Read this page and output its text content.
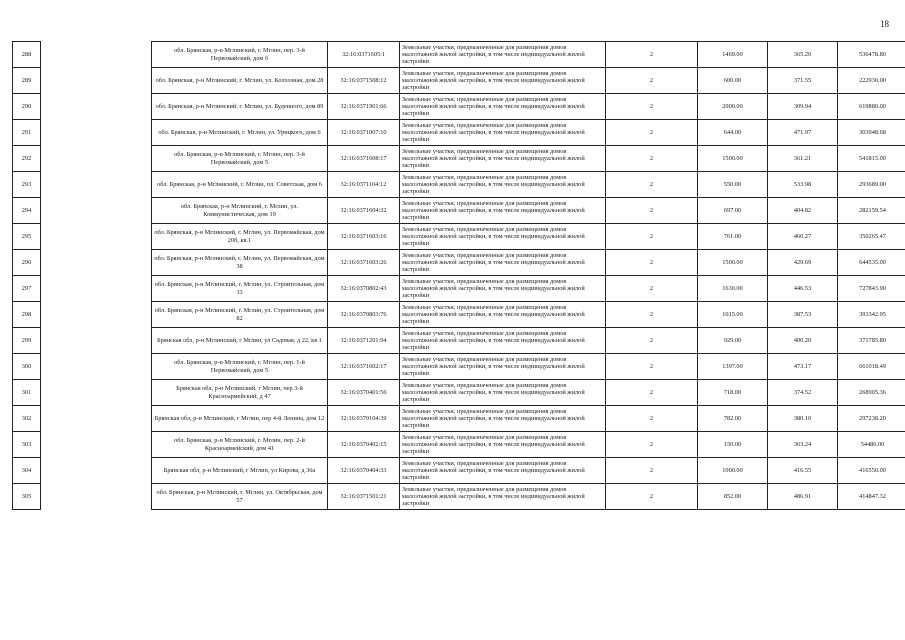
18
288		обл. Брянская, р-н Мглинский, г. Мглин, пер. 3-й Первомайский, дом 6	32:16:0371605:1	Земельные участки, предназначенные для размещения домов малоэтажной жилой застройки, в том числе индивидуальной жилой застройки	2	1469.00	365.20	536478.80
289		обл. Брянская, р-н Мглинский, г. Мглин, ул. Колхозная, дом 28	32:16:0371508:12	Земельные участки, предназначенные для размещения домов малоэтажной жилой застройки, в том числе индивидуальной жилой застройки	2	600.00	371.55	222930.00
290		обл. Брянская, р-н Мглинский, г. Мглин, ул. Буденного, дом 89	32:16:0371901:66	Земельные участки, предназначенные для размещения домов малоэтажной жилой застройки, в том числе индивидуальной жилой застройки	2	2000.00	309.94	619880.00
291		обл. Брянская, р-н Мглинский, г. Мглин, ул. Урицкого, дом 6	32:16:0371007:10	Земельные участки, предназначенные для размещения домов малоэтажной жилой застройки, в том числе индивидуальной жилой застройки	2	644.00	471.97	303948.68
292		обл. Брянская, р-н Мглинский, г. Мглин, пер. 3-й Первомайский, дом 5	32:16:0371608:17	Земельные участки, предназначенные для размещения домов малоэтажной жилой застройки, в том числе индивидуальной жилой застройки	2	1500.00	361.21	541815.00
293		обл. Брянская, р-н Мглинский, г. Мглин, пл. Советская, дом 6	32:16:0371104:12	Земельные участки, предназначенные для размещения домов малоэтажной жилой застройки, в том числе индивидуальной жилой застройки	2	550.00	533.98	293689.00
294		обл. Брянская, р-н Мглинский, г. Мглин, ул. Коммунистическая, дом 19	32:16:0371604:32	Земельные участки, предназначенные для размещения домов малоэтажной жилой застройки, в том числе индивидуальной жилой застройки	2	697.00	404.82	282159.54
295		обл. Брянская, р-н Мглинский, г. Мглин, ул. Первомайская, дом 20б, кв.1	32:16:0371603:16	Земельные участки, предназначенные для размещения домов малоэтажной жилой застройки, в том числе индивидуальной жилой застройки	2	761.00	460.27	350265.47
296		обл. Брянская, р-н Мглинский, г. Мглин, ул. Первомайская, дом 38	32:16:0371603:26	Земельные участки, предназначенные для размещения домов малоэтажной жилой застройки, в том числе индивидуальной жилой застройки	2	1500.00	429.69	644535.00
297		обл. Брянская, р-н Мглинский, г. Мглин, ул. Строительная, дом 33	32:16:0370802:43	Земельные участки, предназначенные для размещения домов малоэтажной жилой застройки, в том числе индивидуальной жилой застройки	2	1630.00	446.53	727843.90
298		обл. Брянская, р-н Мглинский, г. Мглин, ул. Строительная, дом 82	32:16:0370803:76	Земельные участки, предназначенные для размещения домов малоэтажной жилой застройки, в том числе индивидуальной жилой застройки	2	1015.00	387.53	393342.95
299		Брянская обл, р-н Мглинский, г Мглин, ул Садовая, д 22, кв 1	32:16:0371201:94	Земельные участки, предназначенные для размещения домов малоэтажной жилой застройки, в том числе индивидуальной жилой застройки	2	929.00	400.20	371785.80
300		обл. Брянская, р-н Мглинский, г. Мглин, пер. 1-й Первомайский, дом 5	32:16:0371602:17	Земельные участки, предназначенные для размещения домов малоэтажной жилой застройки, в том числе индивидуальной жилой застройки	2	1397.00	473.17	661018.49
301		Брянская обл, р-н Мглинский, г Мглин, пер 3-й Красноармейский, д 47	32:16:0370401:56	Земельные участки, предназначенные для размещения домов малоэтажной жилой застройки, в том числе индивидуальной жилой застройки	2	718.00	374.52	268905.36
302		Брянская обл, р-н Мглинский, г Мглин, пер 4-й Ленина, дом 12	32:16:0370104:39	Земельные участки, предназначенные для размещения домов малоэтажной жилой застройки, в том числе индивидуальной жилой застройки	2	782.00	380.10	297238.20
303		обл. Брянская, р-н Мглинский, г. Мглин, пер. 2-й Красноармейский, дом 41	32:16:0370402:15	Земельные участки, предназначенные для размещения домов малоэтажной жилой застройки, в том числе индивидуальной жилой застройки	2	150.00	363.24	54486.00
304		Брянская обл, р-н Мглинский, г Мглин, ул Кирова, д 36а	32:16:0370404:33	Земельные участки, предназначенные для размещения домов малоэтажной жилой застройки, в том числе индивидуальной жилой застройки	2	1000.00	416.55	416550.00
305		обл. Брянская, р-н Мглинский, г. Мглин, ул. Октябрьская, дом 57	32:16:0371501:21	Земельные участки, предназначенные для размещения домов малоэтажной жилой застройки, в том числе индивидуальной жилой застройки	2	852.00	486.91	414847.32
